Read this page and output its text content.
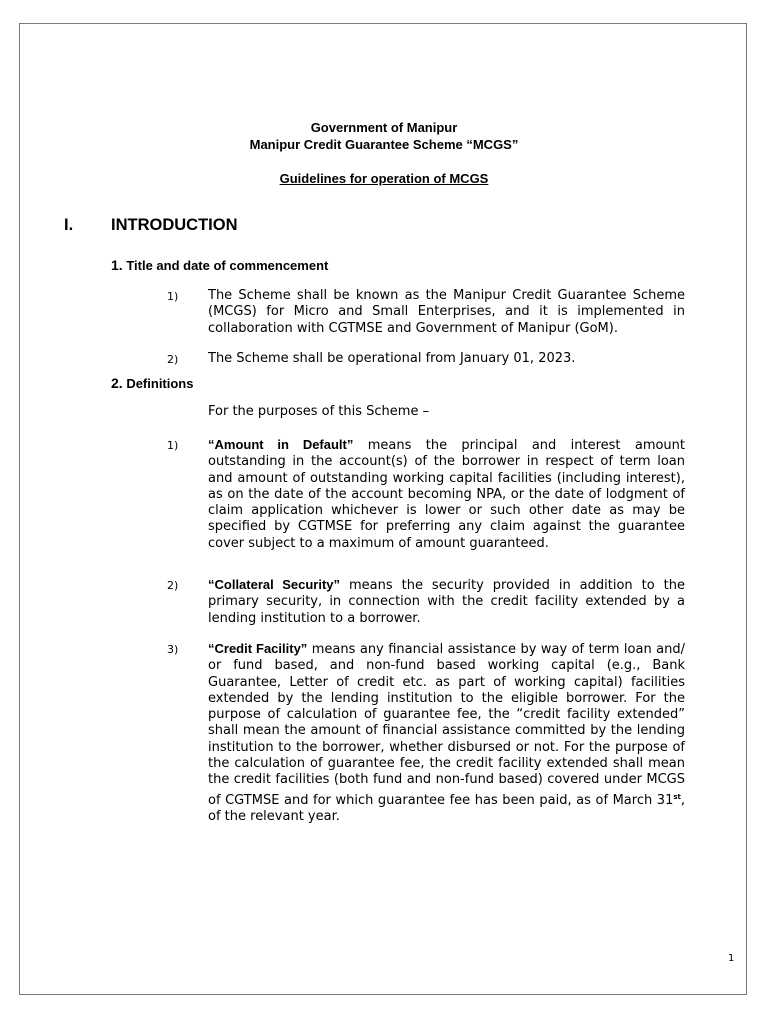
Government of Manipur
Manipur Credit Guarantee Scheme “MCGS”
Guidelines for operation of MCGS
I. INTRODUCTION
1. Title and date of commencement
1) The Scheme shall be known as the Manipur Credit Guarantee Scheme (MCGS) for Micro and Small Enterprises, and it is implemented in collaboration with CGTMSE and Government of Manipur (GoM).
2) The Scheme shall be operational from January 01, 2023.
2. Definitions
For the purposes of this Scheme –
1) “Amount in Default” means the principal and interest amount outstanding in the account(s) of the borrower in respect of term loan and amount of outstanding working capital facilities (including interest), as on the date of the account becoming NPA, or the date of lodgment of claim application whichever is lower or such other date as may be specified by CGTMSE for preferring any claim against the guarantee cover subject to a maximum of amount guaranteed.
2) “Collateral Security” means the security provided in addition to the primary security, in connection with the credit facility extended by a lending institution to a borrower.
3) “Credit Facility” means any financial assistance by way of term loan and/ or fund based, and non-fund based working capital (e.g., Bank Guarantee, Letter of credit etc. as part of working capital) facilities extended by the lending institution to the eligible borrower. For the purpose of calculation of guarantee fee, the “credit facility extended” shall mean the amount of financial assistance committed by the lending institution to the borrower, whether disbursed or not. For the purpose of the calculation of guarantee fee, the credit facility extended shall mean the credit facilities (both fund and non-fund based) covered under MCGS of CGTMSE and for which guarantee fee has been paid, as of March 31st, of the relevant year.
1
